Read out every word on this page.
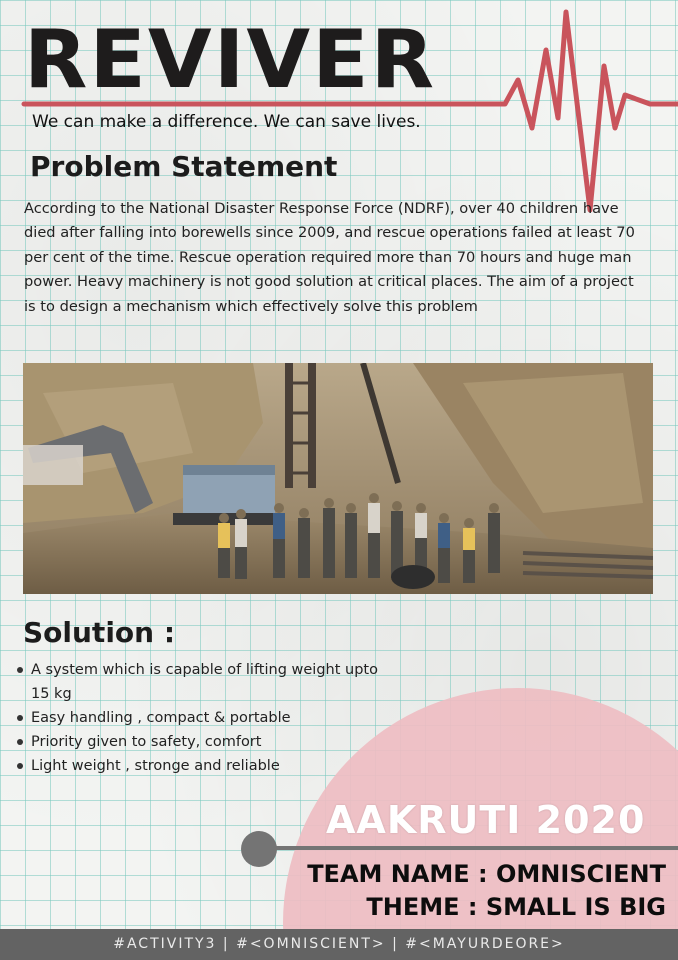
REVIVER
We can make a difference. We can save lives.
Problem Statement

According to the National Disaster Response Force (NDRF), over 40 children have died after falling into borewells since 2009, and rescue operations failed at least 70 per cent of the time. Rescue operation required more than 70 hours and huge man power. Heavy machinery is not good solution at critical places. The aim of a project is to design a mechanism which effectively solve this problem

Solution :
A system which is capable of lifting weight upto 15 kg
Easy handling , compact & portable
Priority given to safety, comfort
Light weight , stronge and reliable
AAKRUTI 2020
TEAM NAME : OMNISCIENT
THEME : SMALL IS BIG
#ACTIVITY3 | #<OMNISCIENT> | #<MAYURDEORE>
